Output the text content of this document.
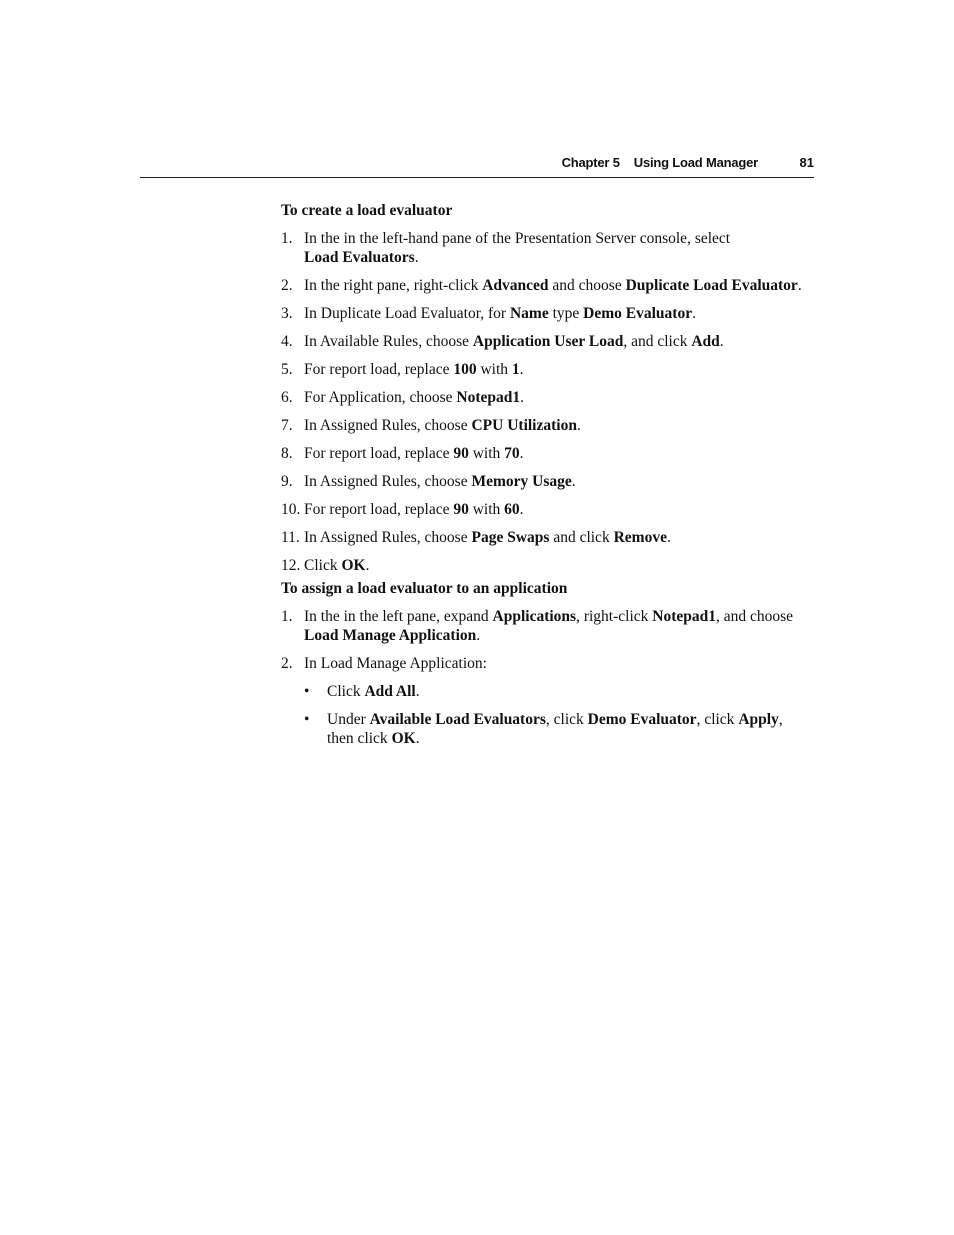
Chapter 5 Using Load Manager	81
To create a load evaluator
1. In the in the left-hand pane of the Presentation Server console, select
Load Evaluators.
2. In the right pane, right-click Advanced and choose Duplicate Load Evaluator.
3. In Duplicate Load Evaluator, for Name type Demo Evaluator.
4. In Available Rules, choose Application User Load, and click Add.
5. For report load, replace 100 with 1.
6. For Application, choose Notepad1.
7. In Assigned Rules, choose CPU Utilization.
8. For report load, replace 90 with 70.
9. In Assigned Rules, choose Memory Usage.
10. For report load, replace 90 with 60.
11. In Assigned Rules, choose Page Swaps and click Remove.
12. Click OK.
To assign a load evaluator to an application
1. In the in the left pane, expand Applications, right-click Notepad1, and choose
Load Manage Application.
2. In Load Manage Application:
• Click Add All.
• Under Available Load Evaluators, click Demo Evaluator, click Apply,
then click OK.
